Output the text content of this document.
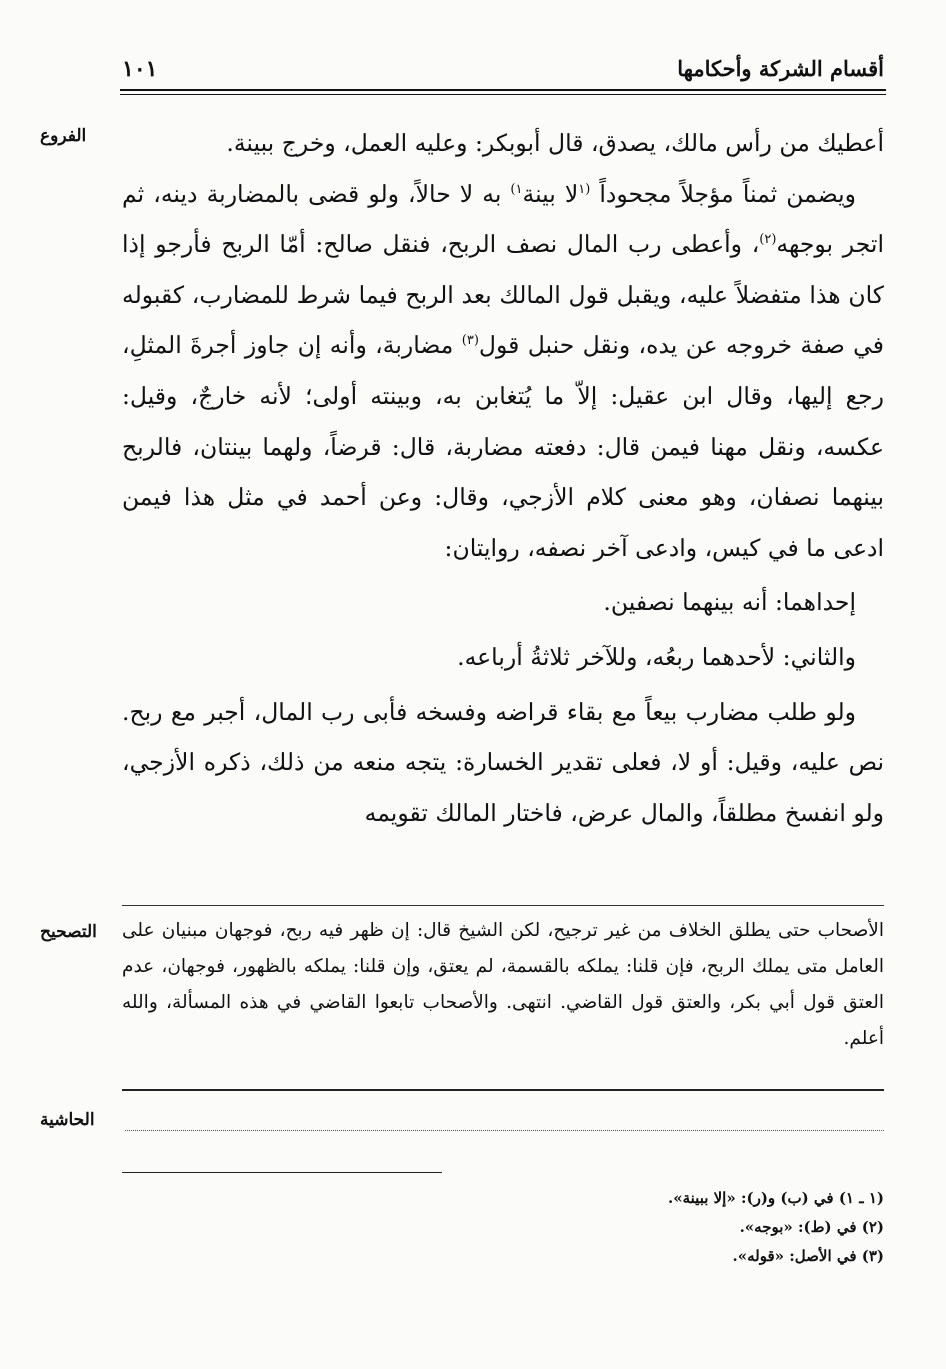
أقسام الشركة وأحكامها
١٠١
الفروع
التصحيح
الحاشية

أعطيك من رأس مالك، يصدق، قال أبوبكر: وعليه العمل، وخرج ببينة.

ويضمن ثمناً مؤجلاً مجحوداً $^{(١}$لا بينة$^{١)}$ به لا حالاً، ولو قضى بالمضاربة دينه، ثم اتجر بوجهه$^{(٢)}$، وأعطى رب المال نصف الربح، فنقل صالح: أمّا الربح فأرجو إذا كان هذا متفضلاً عليه، ويقبل قول المالك بعد الربح فيما شرط للمضارب، كقبوله في صفة خروجه عن يده، ونقل حنبل قول$^{(٣)}$ مضاربة، وأنه إن جاوز أجرةَ المثلِ، رجع إليها، وقال ابن عقيل: إلاّ ما يُتغابن به، وبينته أولى؛ لأنه خارجٌ، وقيل: عكسه، ونقل مهنا فيمن قال: دفعته مضاربة، قال: قرضاً، ولهما بينتان، فالربح بينهما نصفان، وهو معنى كلام الأزجي، وقال: وعن أحمد في مثل هذا فيمن ادعى ما في كيس، وادعى آخر نصفه، روايتان:

إحداهما: أنه بينهما نصفين.

والثاني: لأحدهما ربعُه، وللآخر ثلاثةُ أرباعه.

ولو طلب مضارب بيعاً مع بقاء قراضه وفسخه فأبى رب المال، أجبر مع ربح. نص عليه، وقيل: أو لا، فعلى تقدير الخسارة: يتجه منعه من ذلك، ذكره الأزجي، ولو انفسخ مطلقاً، والمال عرض، فاختار المالك تقويمه

الأصحاب حتى يطلق الخلاف من غير ترجيح، لكن الشيخ قال: إن ظهر فيه ربح، فوجهان مبنيان على العامل متى يملك الربح، فإن قلنا: يملكه بالقسمة، لم يعتق، وإن قلنا: يملكه بالظهور، فوجهان، عدم العتق قول أبي بكر، والعتق قول القاضي. انتهى. والأصحاب تابعوا القاضي في هذه المسألة، والله أعلم.

(١ ـ ١) في (ب) و(ر): «إلا ببينة».

(٢) في (ط): «بوجه».

(٣) في الأصل: «قوله».
